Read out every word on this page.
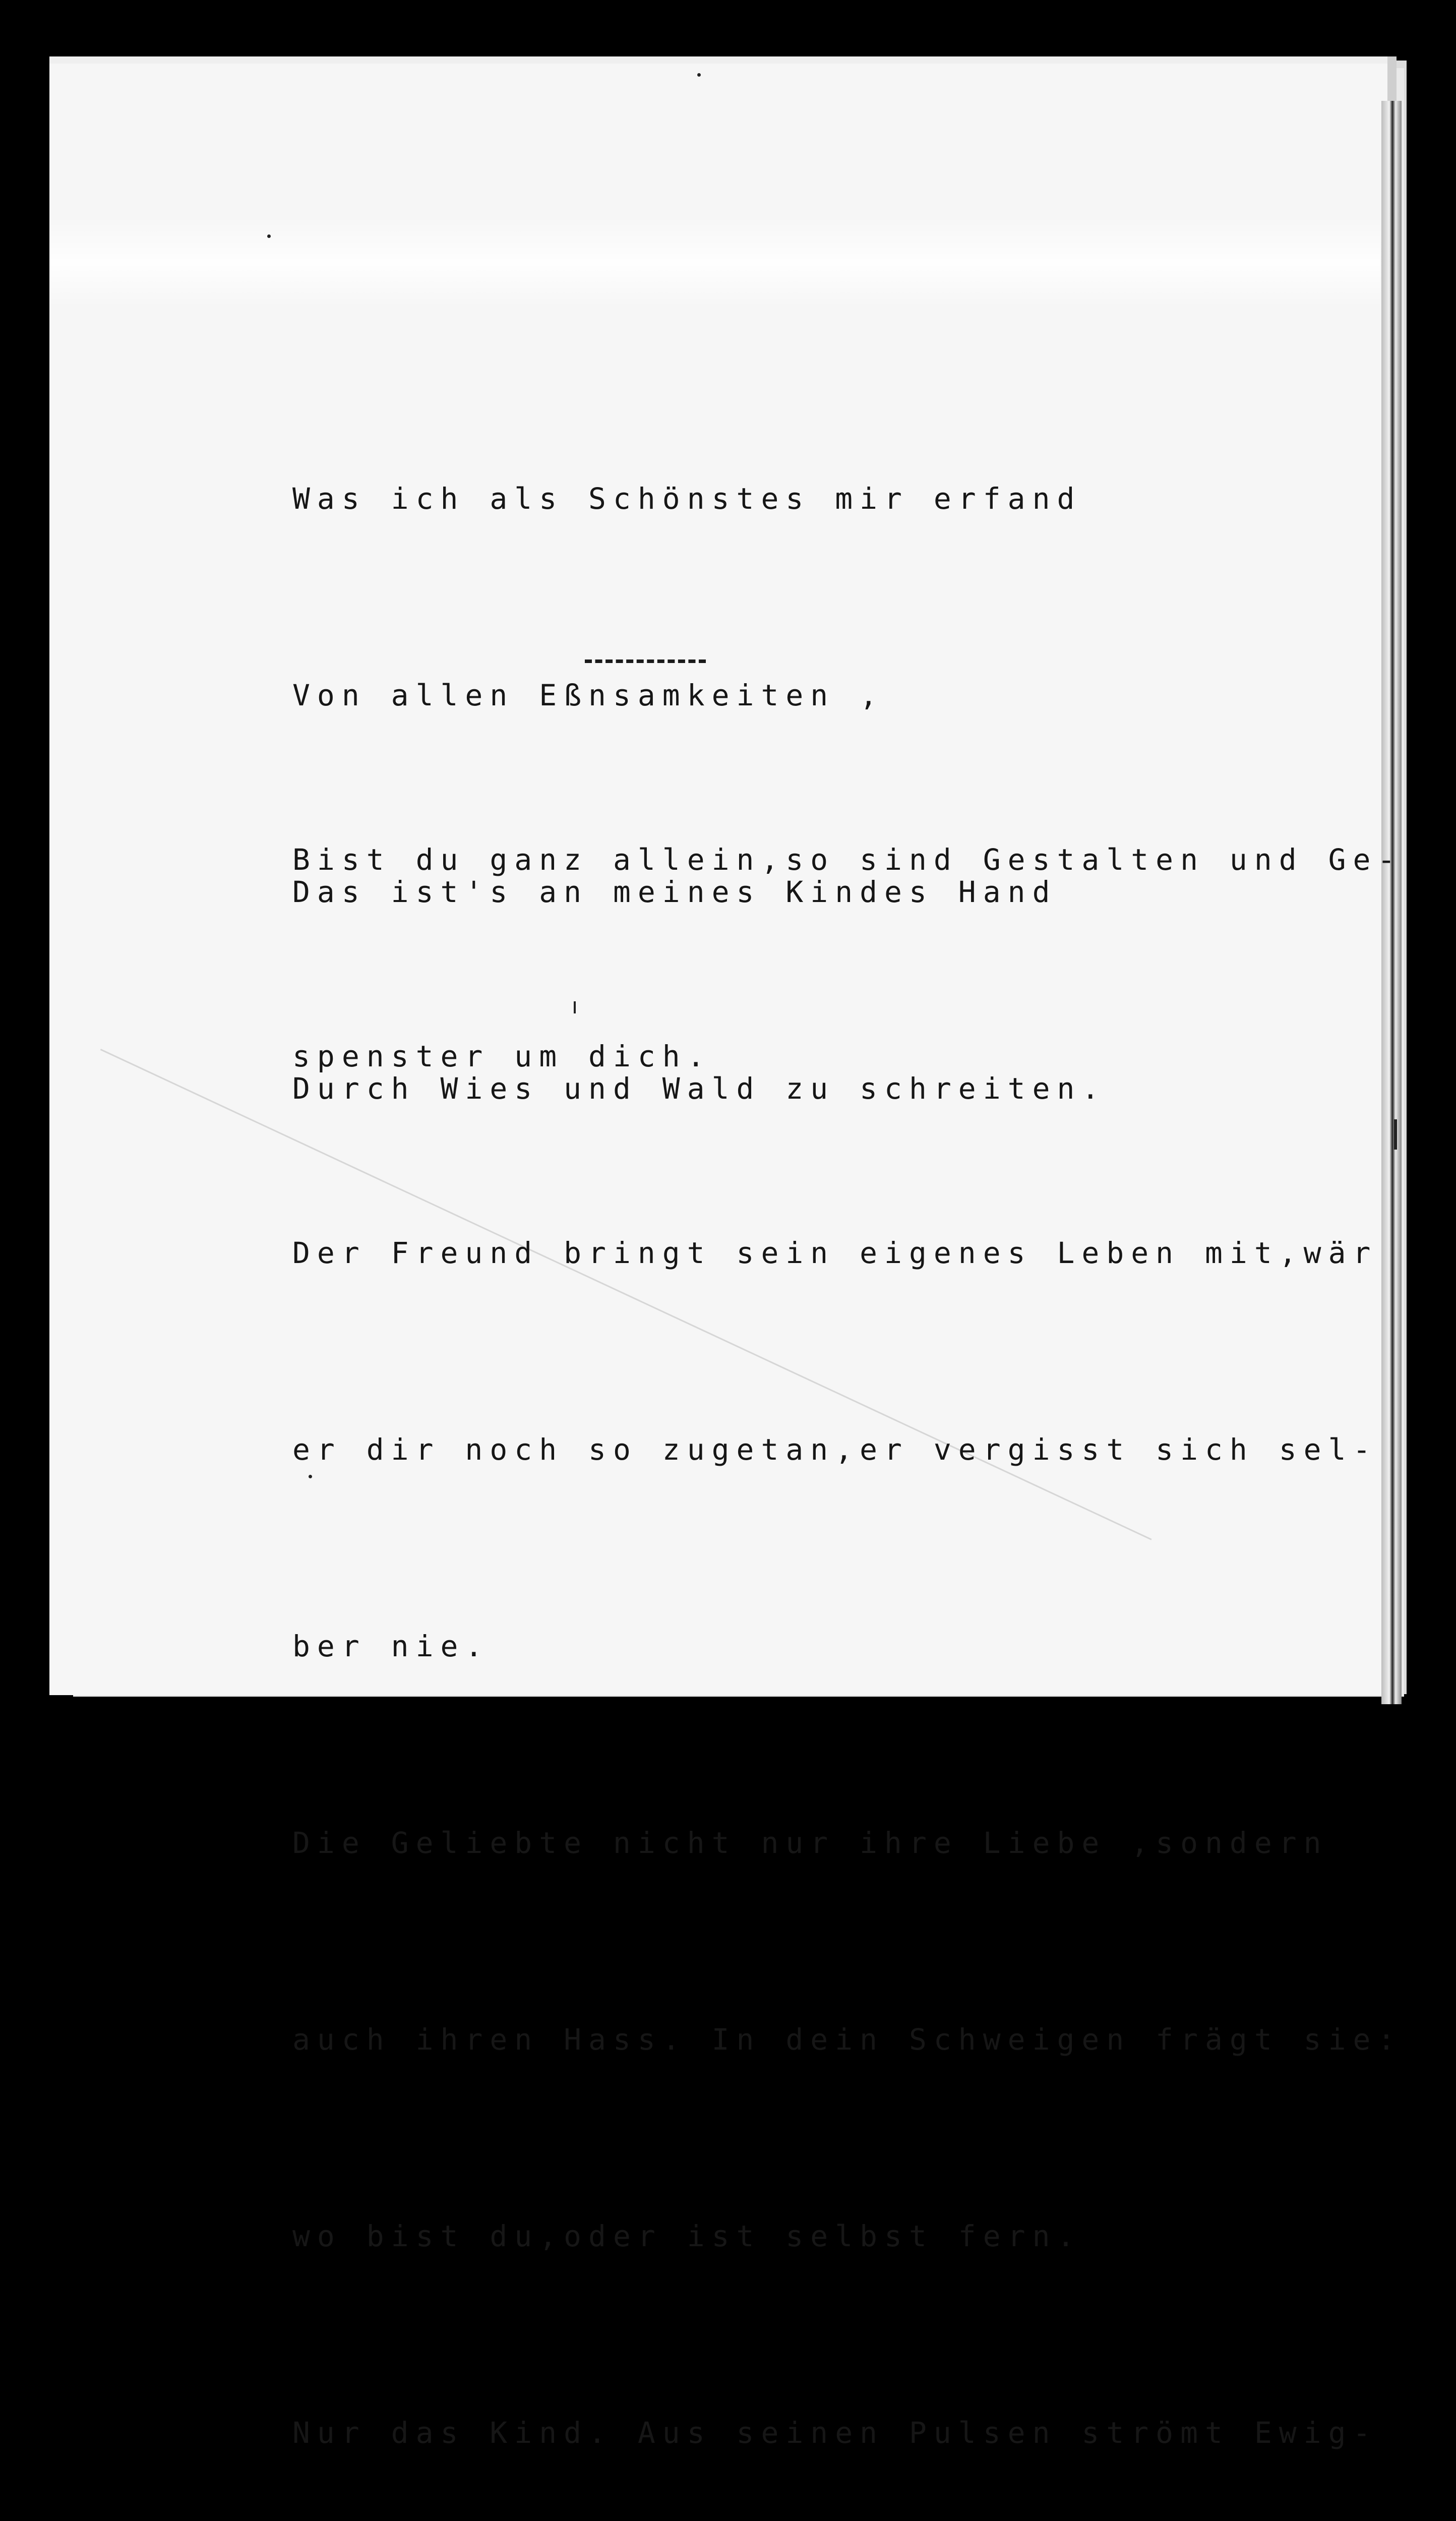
Was ich als Schönstes mir erfand

Von allen Eßnsamkeiten ,

Das ist's an meines Kindes Hand

Durch Wies und Wald zu schreiten.

Bist du ganz allein,so sind Gestalten und Ge-

spenster um dich.

Der Freund bringt sein eigenes Leben mit,wär

er dir noch so zugetan,er vergisst sich sel-

ber nie.

Die Geliebte nicht nur ihre Liebe ,sondern

auch ihren Hass. In dein Schweigen frägt sie:

wo bist du,oder ist selbst fern.

Nur das Kind. Aus seinen Pulsen strömt Ewig-
